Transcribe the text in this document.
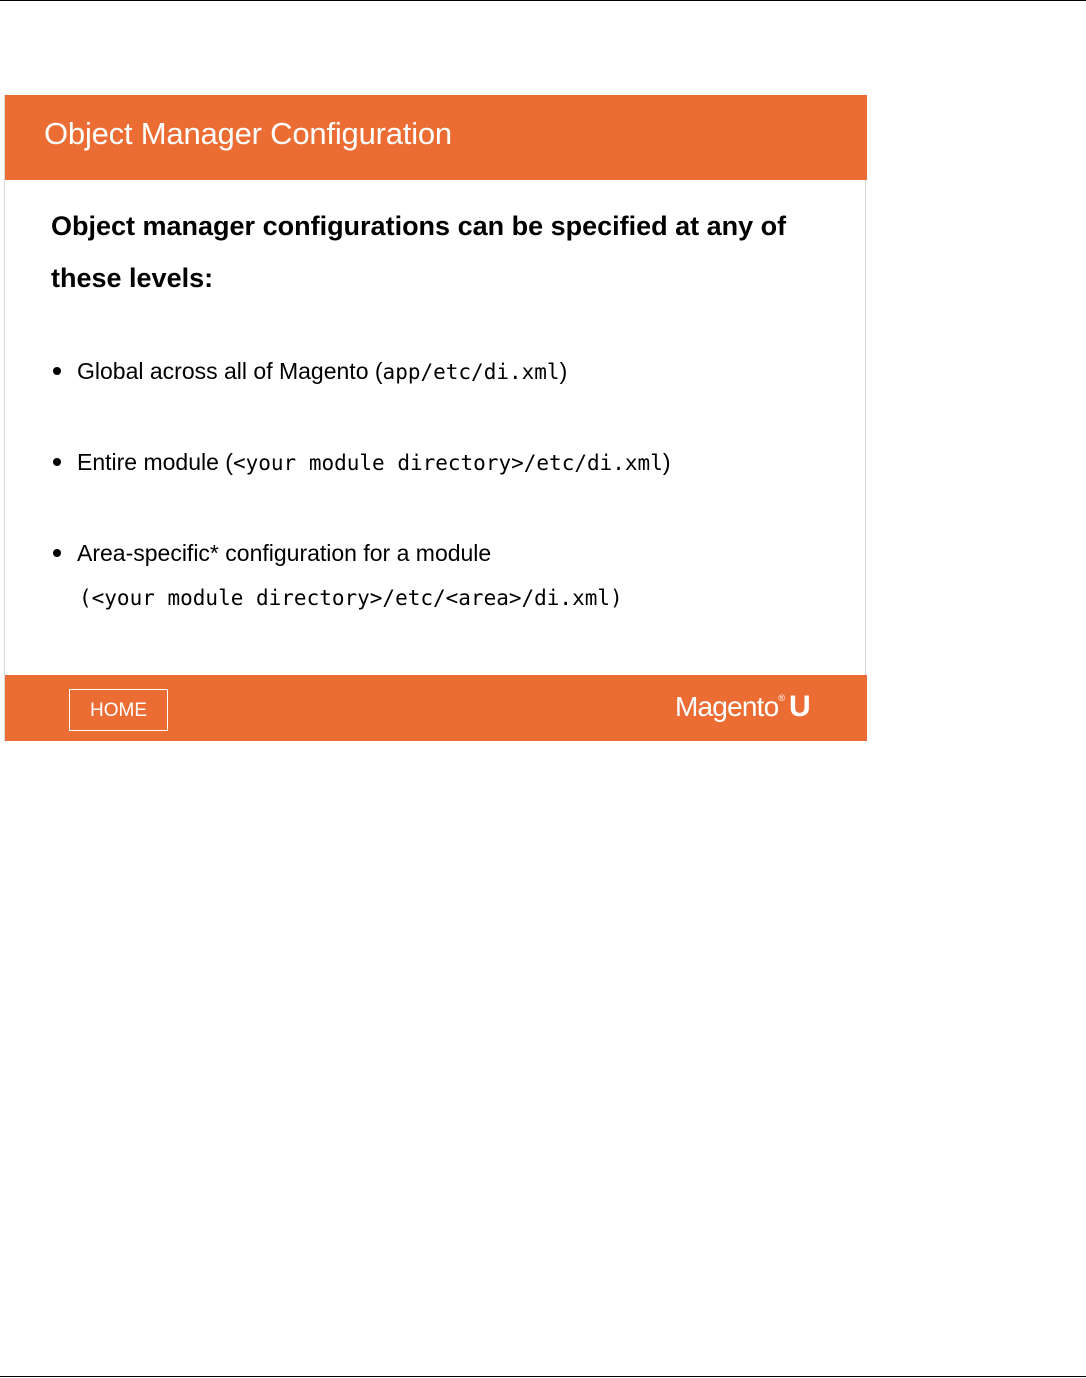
Object Manager Configuration

Object manager configurations can be specified at any of these levels:

Global across all of Magento (app/etc/di.xml)
Entire module (<your module directory>/etc/di.xml)
Area-specific* configuration for a module
(<your module directory>/etc/<area>/di.xml)
HOME	Magento® U
